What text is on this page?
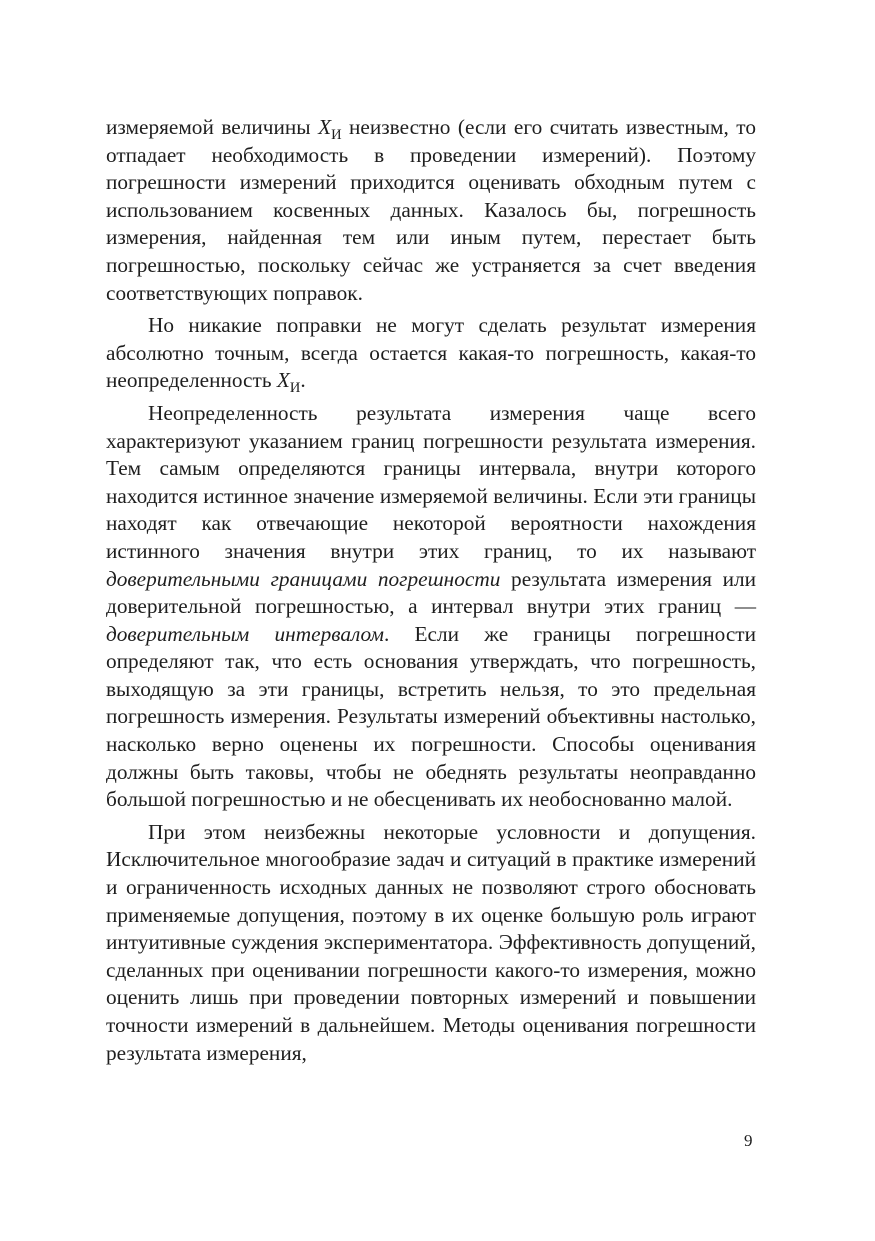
измеряемой величины $X_И$ неизвестно (если его считать известным, то отпадает необходимость в проведении измерений). Поэтому погрешности измерений приходится оценивать обходным путем с использованием косвенных данных. Казалось бы, погрешность измерения, найденная тем или иным путем, перестает быть погрешностью, поскольку сейчас же устраняется за счет введения соответствующих поправок.

Но никакие поправки не могут сделать результат измерения абсолютно точным, всегда остается какая-то погрешность, какая-то неопределенность $X_И$.

Неопределенность результата измерения чаще всего характеризуют указанием границ погрешности результата измерения. Тем самым определяются границы интервала, внутри которого находится истинное значение измеряемой величины. Если эти границы находят как отвечающие некоторой вероятности нахождения истинного значения внутри этих границ, то их называют доверительными границами погрешности результата измерения или доверительной погрешностью, а интервал внутри этих границ — доверительным интервалом. Если же границы погрешности определяют так, что есть основания утверждать, что погрешность, выходящую за эти границы, встретить нельзя, то это предельная погрешность измерения. Результаты измерений объективны настолько, насколько верно оценены их погрешности. Способы оценивания должны быть таковы, чтобы не обеднять результаты неоправданно большой погрешностью и не обесценивать их необоснованно малой.

При этом неизбежны некоторые условности и допущения. Исключительное многообразие задач и ситуаций в практике измерений и ограниченность исходных данных не позволяют строго обосновать применяемые допущения, поэтому в их оценке большую роль играют интуитивные суждения экспериментатора. Эффективность допущений, сделанных при оценивании погрешности какого-то измерения, можно оценить лишь при проведении повторных измерений и повышении точности измерений в дальнейшем. Методы оценивания погрешности результата измерения,

9
